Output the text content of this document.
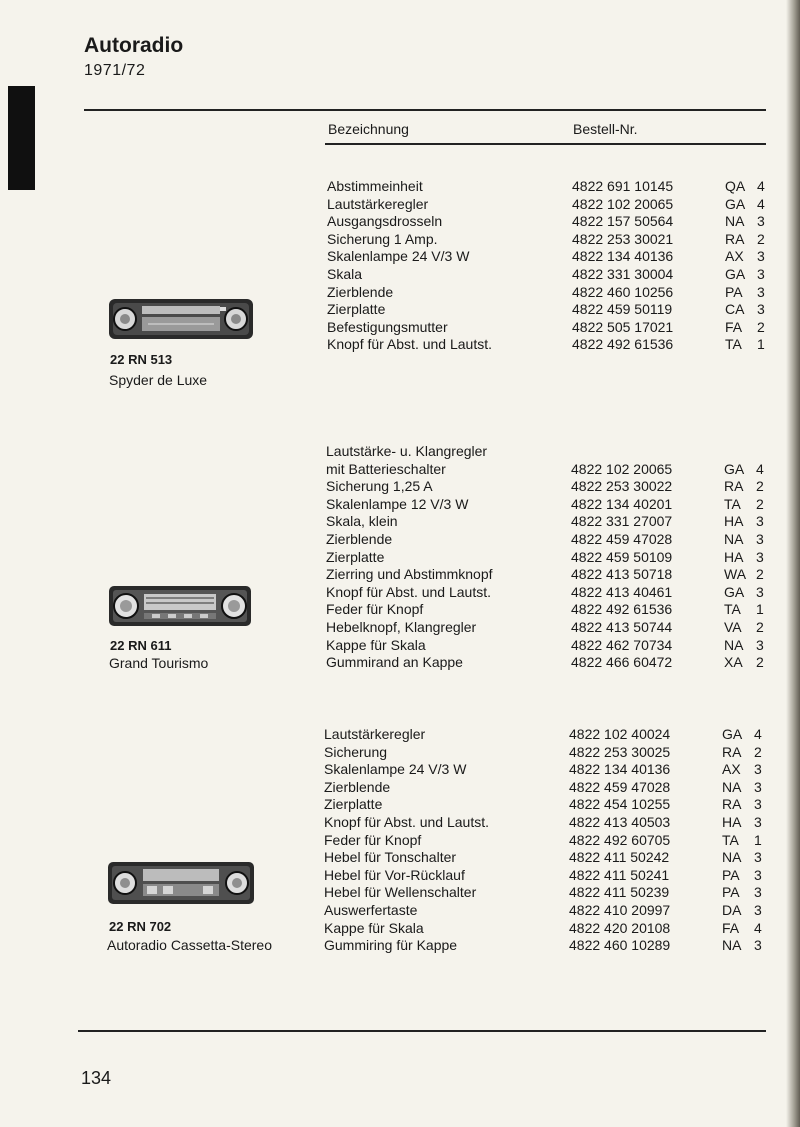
Autoradio
1971/72
Bezeichnung	Bestell-Nr.
22 RN 513
Spyder de Luxe
Abstimmeinheit	4822 691 10145	QA 4
Lautstärkeregler	4822 102 20065	GA 4
Ausgangsdrosseln	4822 157 50564	NA 3
Sicherung 1 Amp.	4822 253 30021	RA 2
Skalenlampe 24 V/3 W	4822 134 40136	AX 3
Skala	4822 331 30004	GA 3
Zierblende	4822 460 10256	PA 3
Zierplatte	4822 459 50119	CA 3
Befestigungsmutter	4822 505 17021	FA 2
Knopf für Abst. und Lautst.	4822 492 61536	TA 1
22 RN 611
Grand Tourismo
Lautstärke- u. Klangregler
mit Batterieschalter	4822 102 20065	GA 4
Sicherung 1,25 A	4822 253 30022	RA 2
Skalenlampe 12 V/3 W	4822 134 40201	TA 2
Skala, klein	4822 331 27007	HA 3
Zierblende	4822 459 47028	NA 3
Zierplatte	4822 459 50109	HA 3
Zierring und Abstimmknopf	4822 413 50718	WA 2
Knopf für Abst. und Lautst.	4822 413 40461	GA 3
Feder für Knopf	4822 492 61536	TA 1
Hebelknopf, Klangregler	4822 413 50744	VA 2
Kappe für Skala	4822 462 70734	NA 3
Gummirand an Kappe	4822 466 60472	XA 2
22 RN 702
Autoradio Cassetta-Stereo
Lautstärkeregler	4822 102 40024	GA 4
Sicherung	4822 253 30025	RA 2
Skalenlampe 24 V/3 W	4822 134 40136	AX 3
Zierblende	4822 459 47028	NA 3
Zierplatte	4822 454 10255	RA 3
Knopf für Abst. und Lautst.	4822 413 40503	HA 3
Feder für Knopf	4822 492 60705	TA 1
Hebel für Tonschalter	4822 411 50242	NA 3
Hebel für Vor-Rücklauf	4822 411 50241	PA 3
Hebel für Wellenschalter	4822 411 50239	PA 3
Auswerfertaste	4822 410 20997	DA 3
Kappe für Skala	4822 420 20108	FA 4
Gummiring für Kappe	4822 460 10289	NA 3
134
